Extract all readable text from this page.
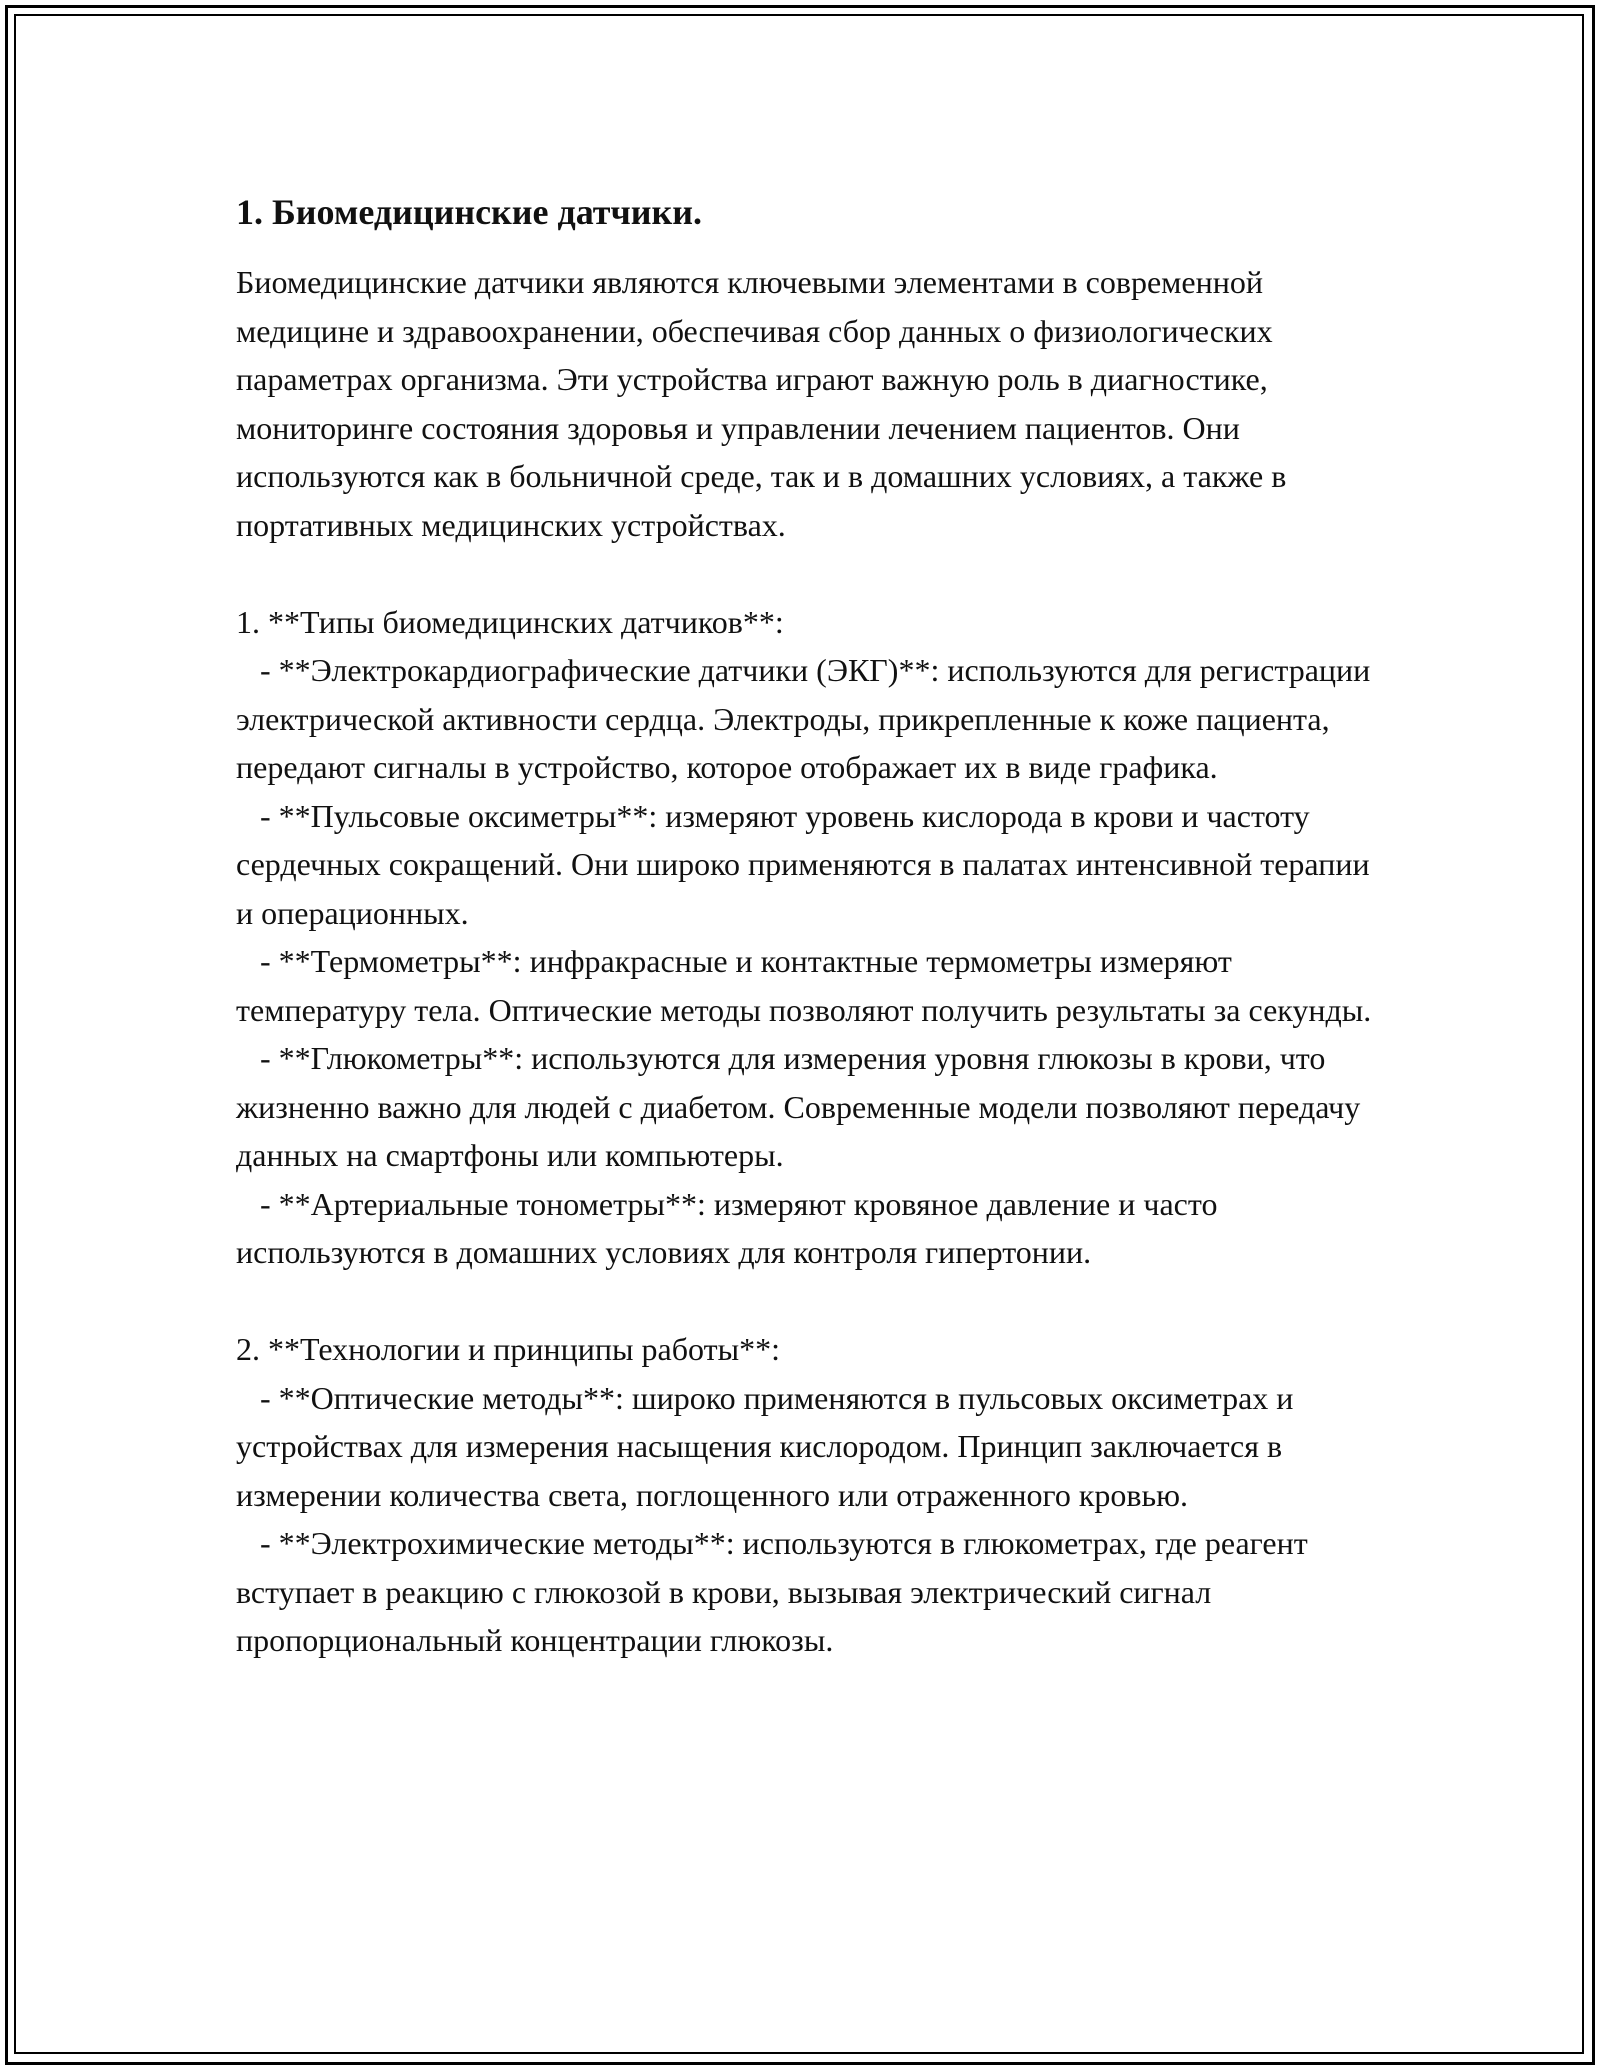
1. Биомедицинские датчики.

Биомедицинские датчики являются ключевыми элементами в современной медицине и здравоохранении, обеспечивая сбор данных о физиологических параметрах организма. Эти устройства играют важную роль в диагностике, мониторинге состояния здоровья и управлении лечением пациентов. Они используются как в больничной среде, так и в домашних условиях, а также в портативных медицинских устройствах.

1. **Типы биомедицинских датчиков**:

- **Электрокардиографические датчики (ЭКГ)**: используются для регистрации электрической активности сердца. Электроды, прикрепленные к коже пациента, передают сигналы в устройство, которое отображает их в виде графика.

- **Пульсовые оксиметры**: измеряют уровень кислорода в крови и частоту сердечных сокращений. Они широко применяются в палатах интенсивной терапии и операционных.

- **Термометры**: инфракрасные и контактные термометры измеряют температуру тела. Оптические методы позволяют получить результаты за секунды.

- **Глюкометры**: используются для измерения уровня глюкозы в крови, что жизненно важно для людей с диабетом. Современные модели позволяют передачу данных на смартфоны или компьютеры.

- **Артериальные тонометры**: измеряют кровяное давление и часто используются в домашних условиях для контроля гипертонии.

2. **Технологии и принципы работы**:

- **Оптические методы**: широко применяются в пульсовых оксиметрах и устройствах для измерения насыщения кислородом. Принцип заключается в измерении количества света, поглощенного или отраженного кровью.

- **Электрохимические методы**: используются в глюкометрах, где реагент вступает в реакцию с глюкозой в крови, вызывая электрический сигнал пропорциональный концентрации глюкозы.
